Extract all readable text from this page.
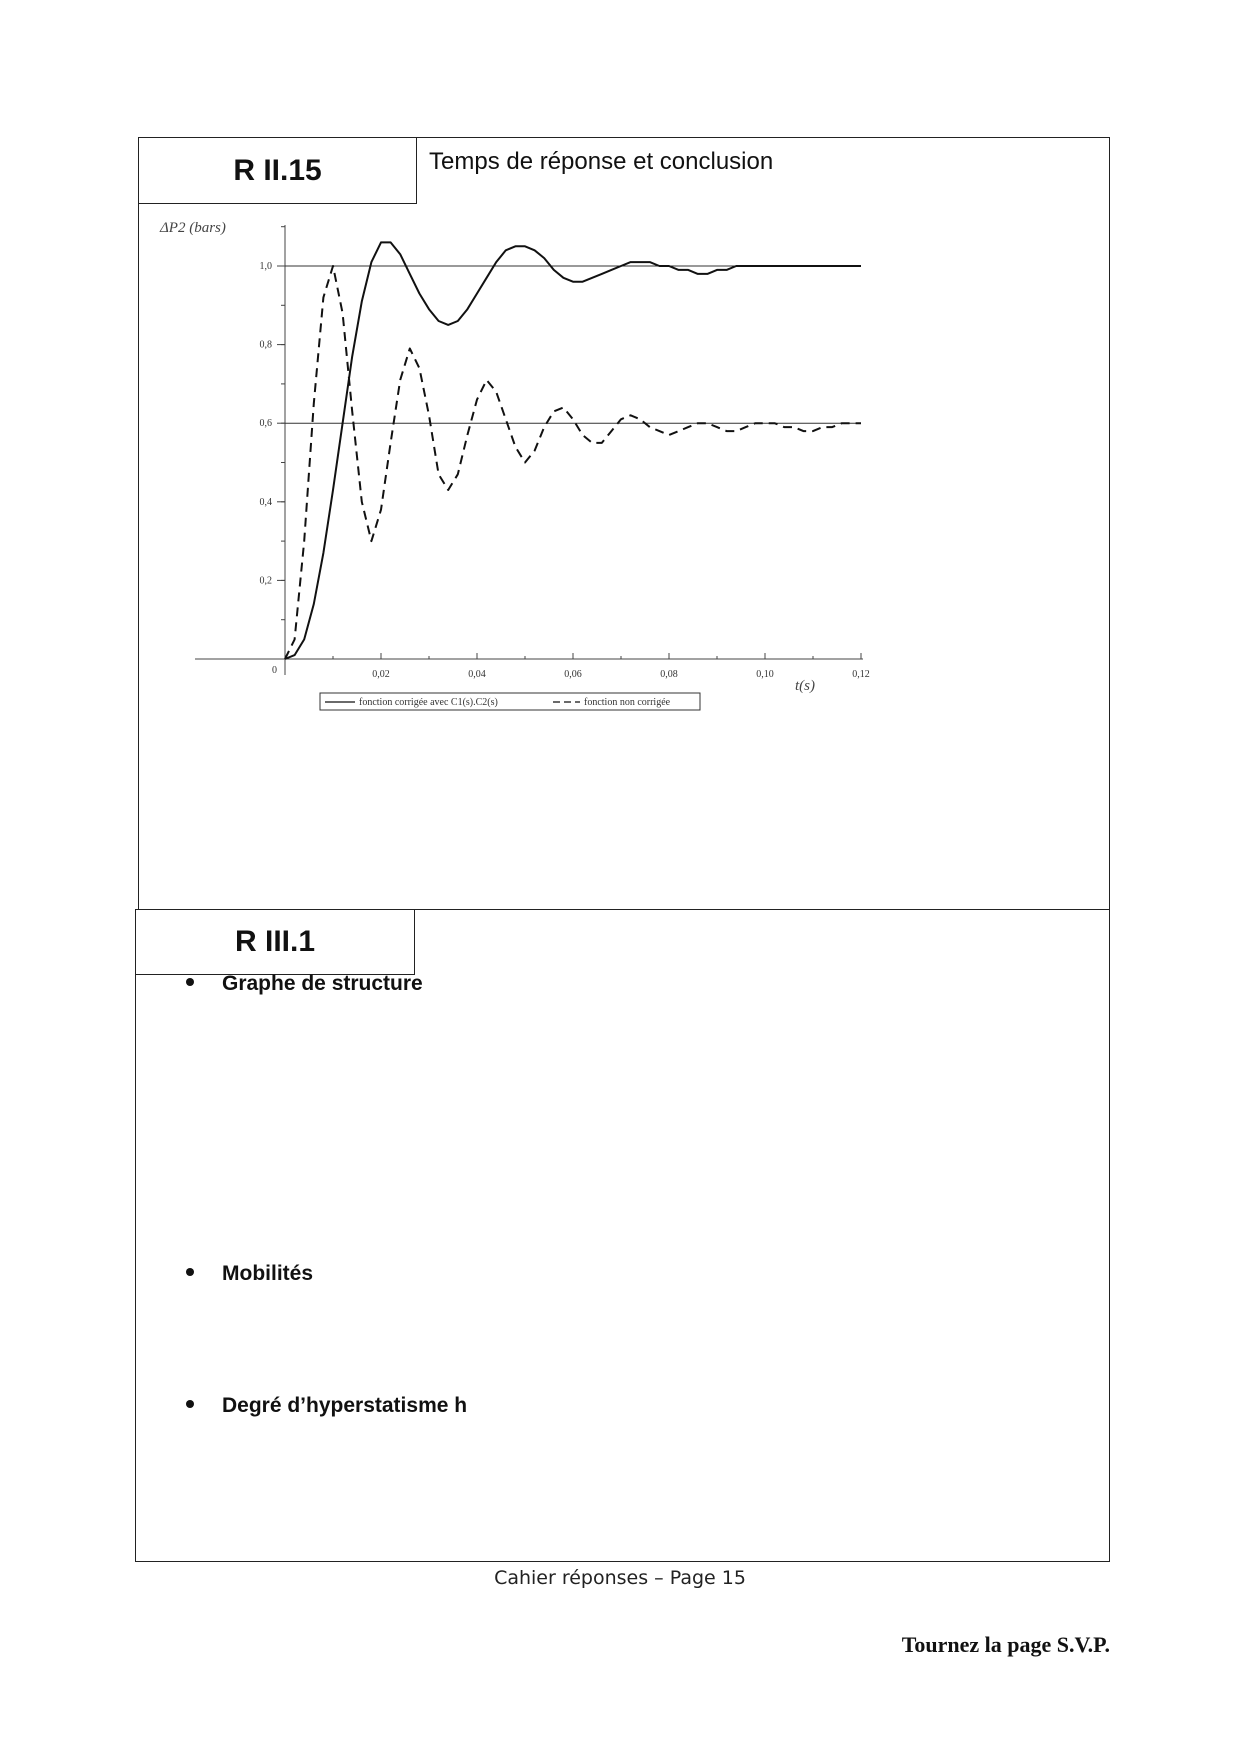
R II.15	Temps de réponse et conclusion
0,2
0,4
0,6
0,8
1,0
0	0,02	0,04	0,06	0,08	0,10	0,12
ΔP2 (bars)
t(s)
fonction corrigée avec C1(s).C2(s)	fonction non corrigée
R III.1
Graphe de structure
Mobilités
Degré d’hyperstatisme h
Cahier réponses – Page 15
Tournez la page S.V.P.
